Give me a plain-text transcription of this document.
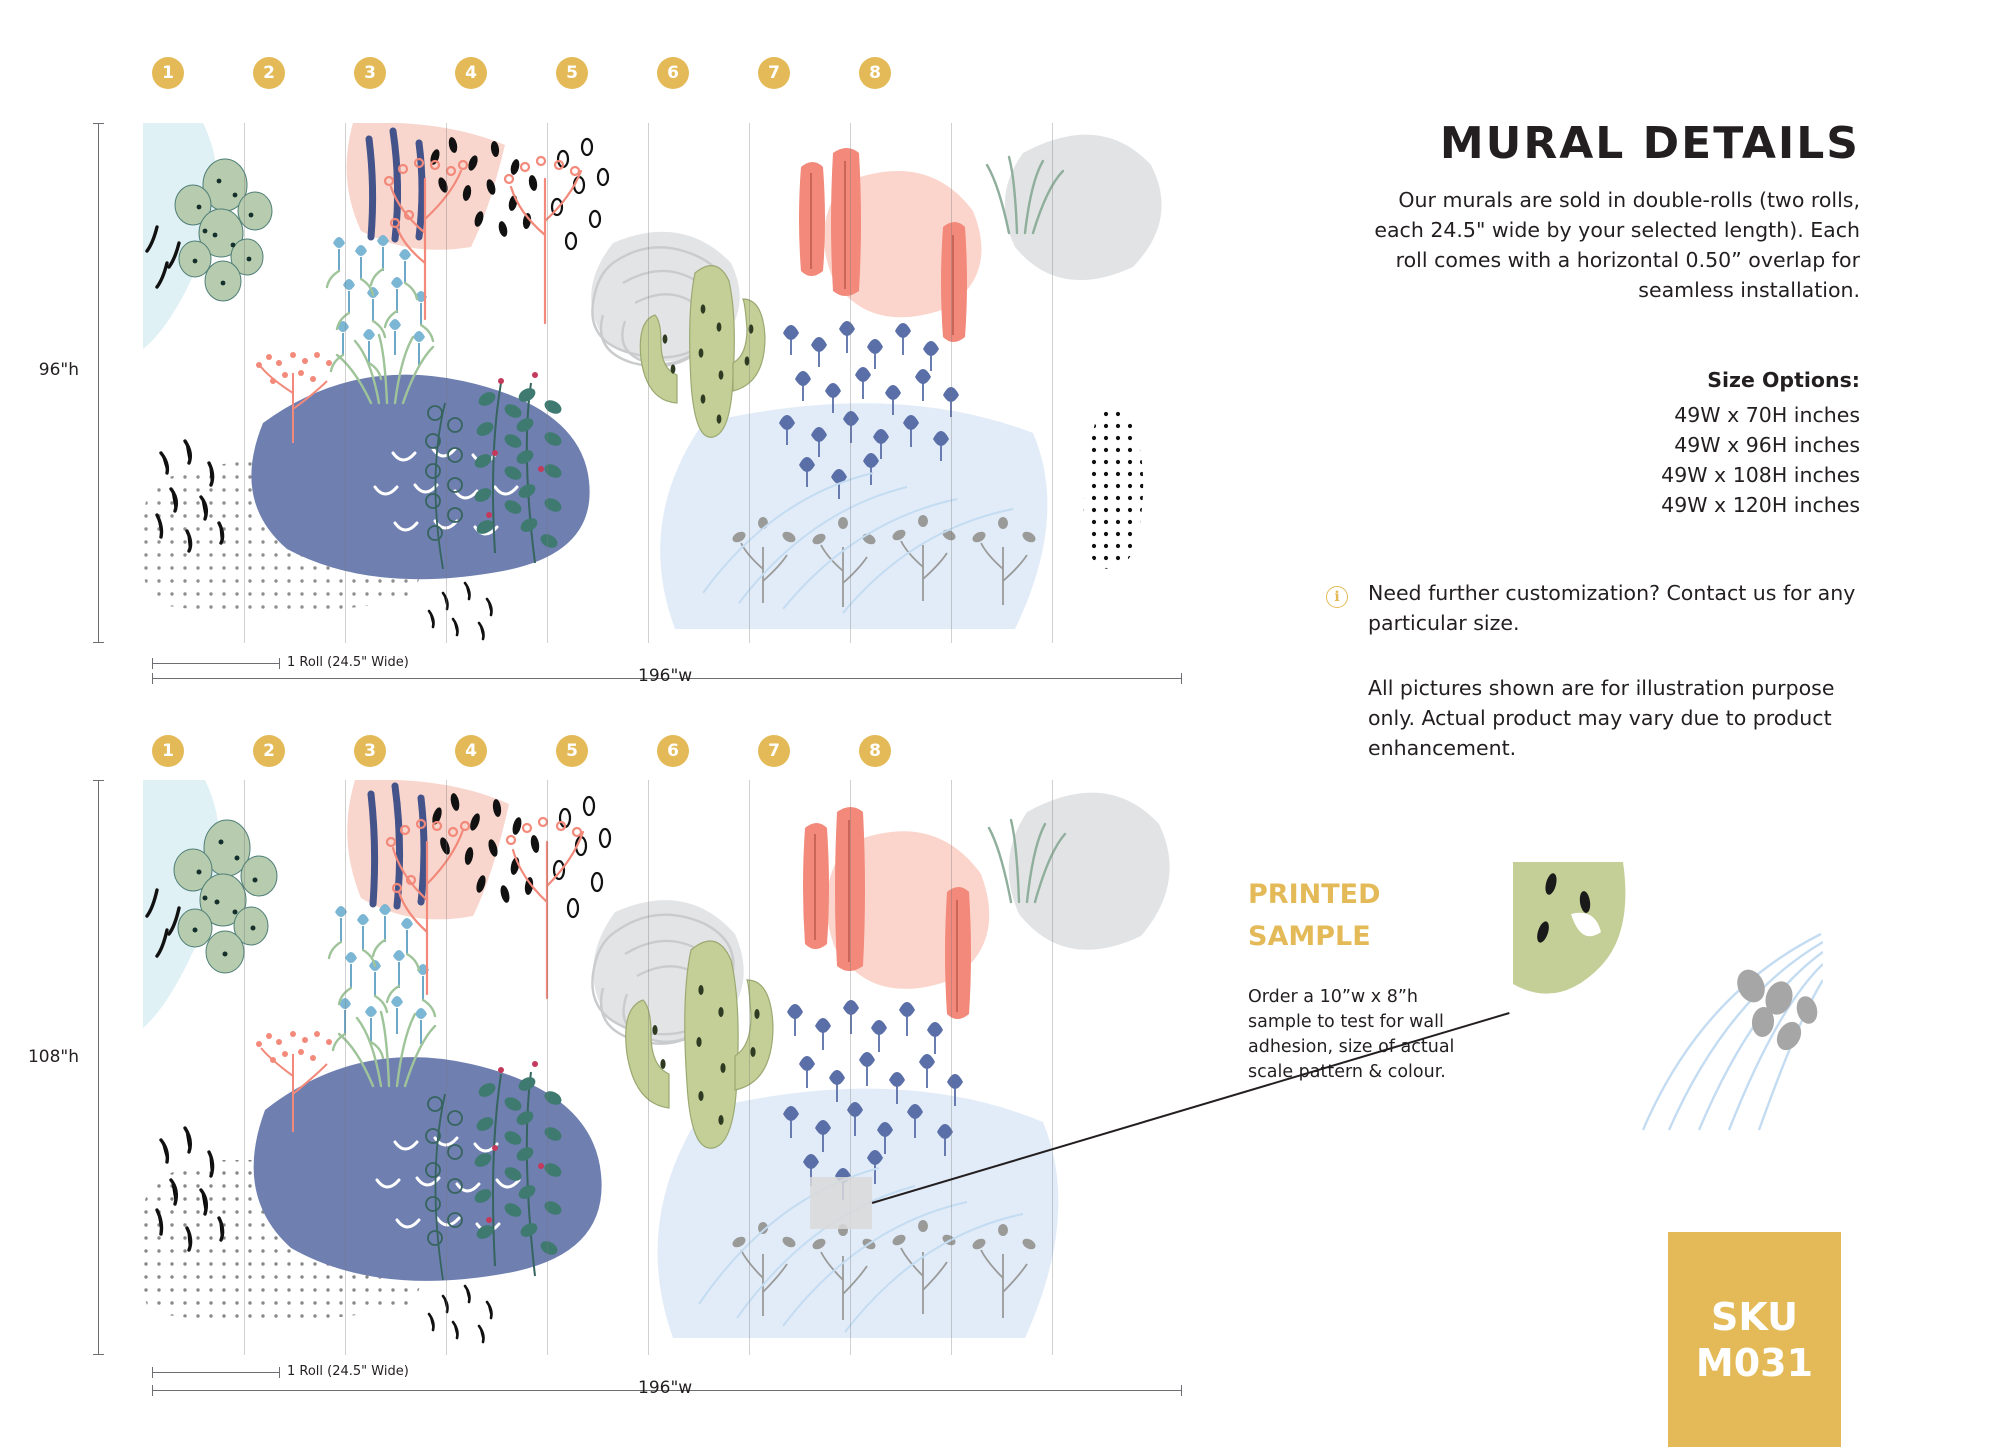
1	2	3	4	5	6	7	8
96"h
196"w
1 Roll (24.5" Wide)
1	2	3	4	5	6	7	8
108"h
196"w
1 Roll (24.5" Wide)
MURAL DETAILS
Our murals are sold in double-rolls (two rolls, each 24.5" wide by your selected length). Each roll comes with a horizontal 0.50” overlap for seamless installation.
Size Options:
49W x 70H inches
49W x 96H inches
49W x 108H inches
49W x 120H inches
i	Need further customization? Contact us for any particular size.
All pictures shown are for illustration purpose only. Actual product may vary due to product enhancement.
PRINTED
SAMPLE
Order a 10”w x 8”h sample to test for wall adhesion, size of actual scale pattern & colour.
SKU
M031
